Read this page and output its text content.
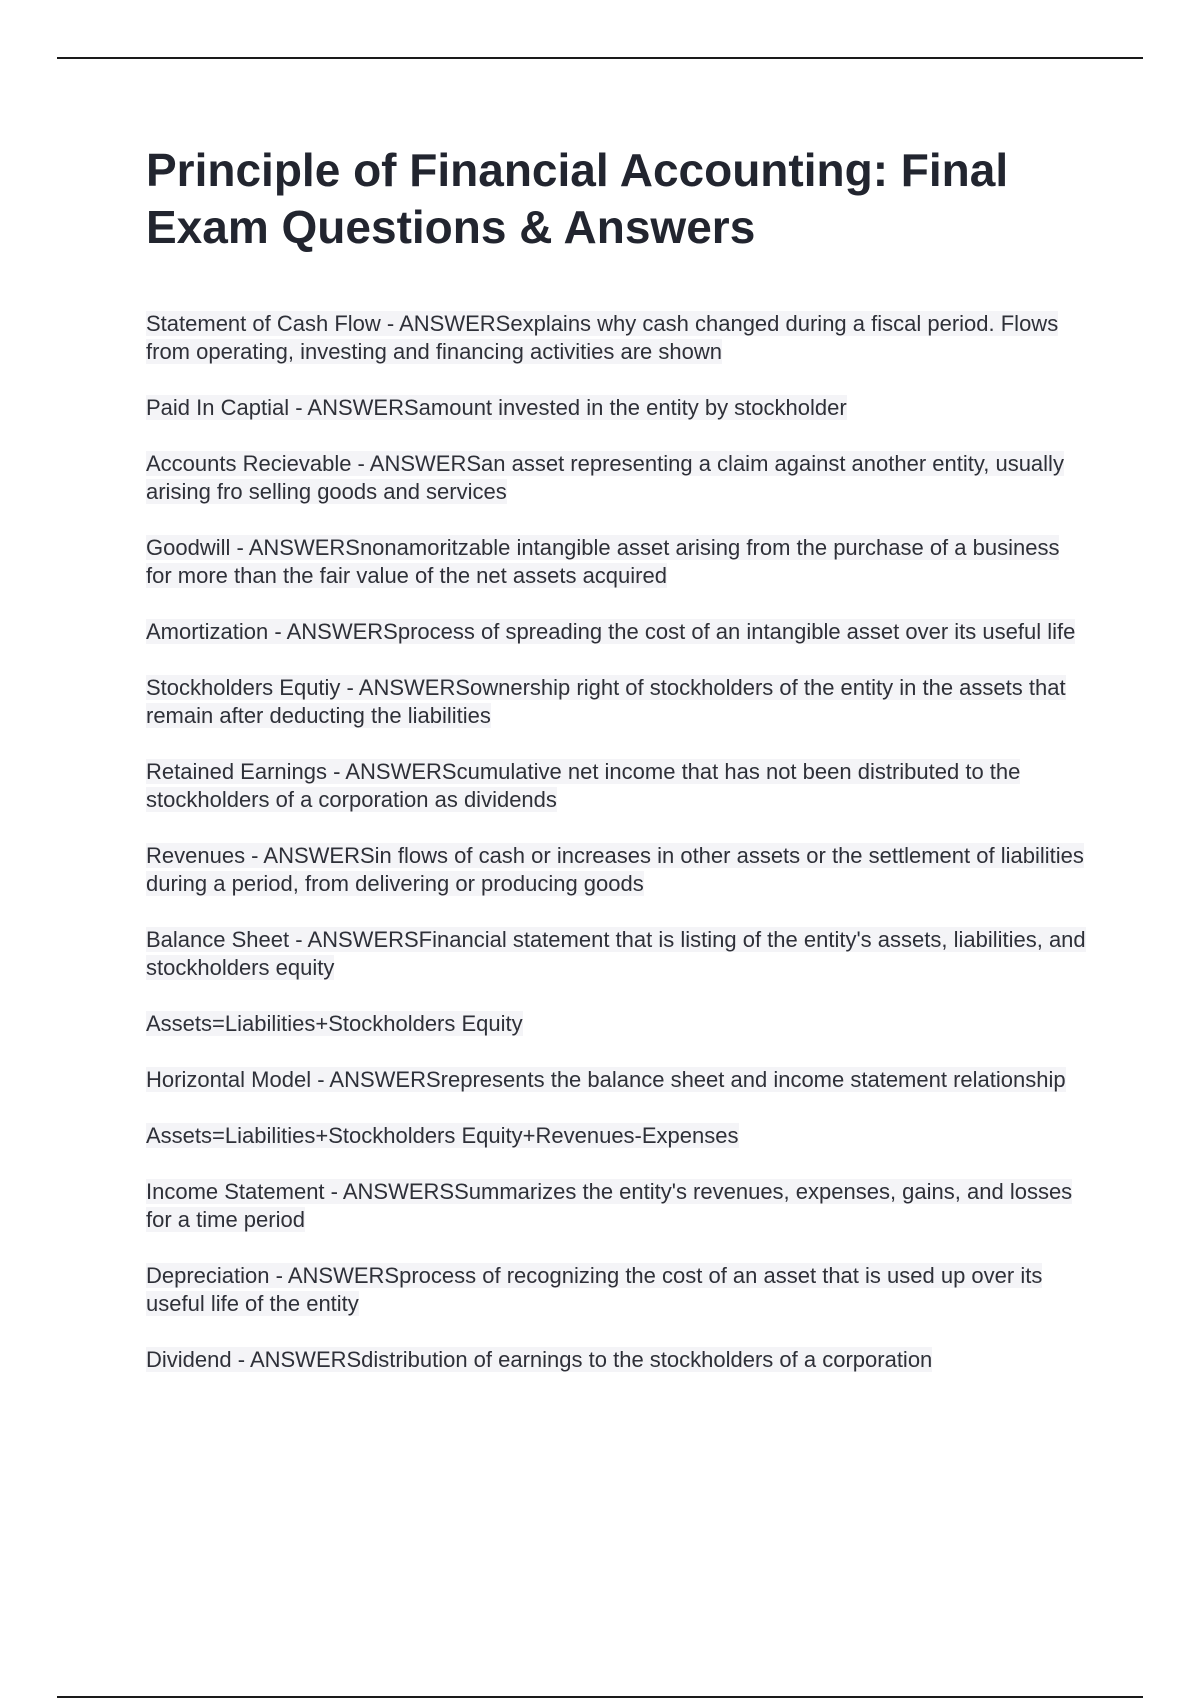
Principle of Financial Accounting: Final Exam Questions & Answers

Statement of Cash Flow - ANSWERSexplains why cash changed during a fiscal period. Flows from operating, investing and financing activities are shown

Paid In Captial - ANSWERSamount invested in the entity by stockholder

Accounts Recievable - ANSWERSan asset representing a claim against another entity, usually arising fro selling goods and services

Goodwill - ANSWERSnonamoritzable intangible asset arising from the purchase of a business for more than the fair value of the net assets acquired

Amortization - ANSWERSprocess of spreading the cost of an intangible asset over its useful life

Stockholders Equtiy - ANSWERSownership right of stockholders of the entity in the assets that remain after deducting the liabilities

Retained Earnings - ANSWERScumulative net income that has not been distributed to the stockholders of a corporation as dividends

Revenues - ANSWERSin flows of cash or increases in other assets or the settlement of liabilities during a period, from delivering or producing goods

Balance Sheet - ANSWERSFinancial statement that is listing of the entity's assets, liabilities, and stockholders equity

Assets=Liabilities+Stockholders Equity

Horizontal Model - ANSWERSrepresents the balance sheet and income statement relationship

Assets=Liabilities+Stockholders Equity+Revenues-Expenses

Income Statement - ANSWERSSummarizes the entity's revenues, expenses, gains, and losses for a time period

Depreciation - ANSWERSprocess of recognizing the cost of an asset that is used up over its useful life of the entity

Dividend - ANSWERSdistribution of earnings to the stockholders of a corporation
